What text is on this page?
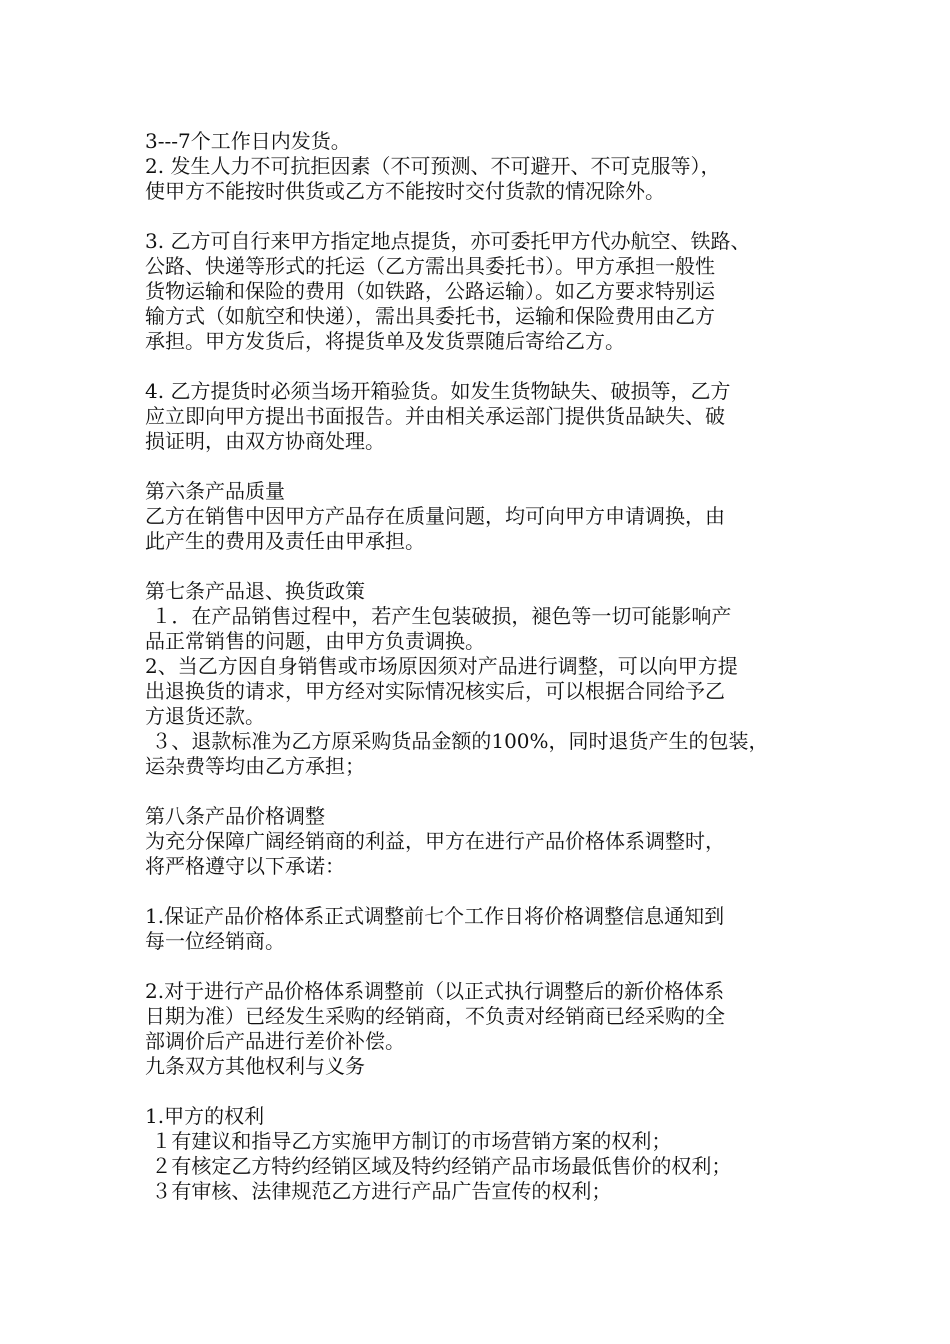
3---7个工作日内发货。
2. 发生人力不可抗拒因素（不可预测、不可避开、不可克服等），
使甲方不能按时供货或乙方不能按时交付货款的情况除外。
3. 乙方可自行来甲方指定地点提货，亦可委托甲方代办航空、铁路、
公路、快递等形式的托运（乙方需出具委托书）。甲方承担一般性
货物运输和保险的费用（如铁路，公路运输）。如乙方要求特别运
输方式（如航空和快递），需出具委托书，运输和保险费用由乙方
承担。甲方发货后，将提货单及发货票随后寄给乙方。
4. 乙方提货时必须当场开箱验货。如发生货物缺失、破损等，乙方
应立即向甲方提出书面报告。并由相关承运部门提供货品缺失、破
损证明，由双方协商处理。
第六条产品质量
乙方在销售中因甲方产品存在质量问题，均可向甲方申请调换，由
此产生的费用及责任由甲承担。
第七条产品退、换货政策
１．在产品销售过程中，若产生包装破损，褪色等一切可能影响产
品正常销售的问题，由甲方负责调换。
2、当乙方因自身销售或市场原因须对产品进行调整，可以向甲方提
出退换货的请求，甲方经对实际情况核实后，可以根据合同给予乙
方退货还款。
３、退款标准为乙方原采购货品金额的100%，同时退货产生的包装，
运杂费等均由乙方承担；
第八条产品价格调整
为充分保障广阔经销商的利益，甲方在进行产品价格体系调整时，
将严格遵守以下承诺：
1.保证产品价格体系正式调整前七个工作日将价格调整信息通知到
每一位经销商。
2.对于进行产品价格体系调整前（以正式执行调整后的新价格体系
日期为准）已经发生采购的经销商，不负责对经销商已经采购的全
部调价后产品进行差价补偿。
九条双方其他权利与义务
1.甲方的权利
１有建议和指导乙方实施甲方制订的市场营销方案的权利；
２有核定乙方特约经销区域及特约经销产品市场最低售价的权利；
３有审核、法律规范乙方进行产品广告宣传的权利；
